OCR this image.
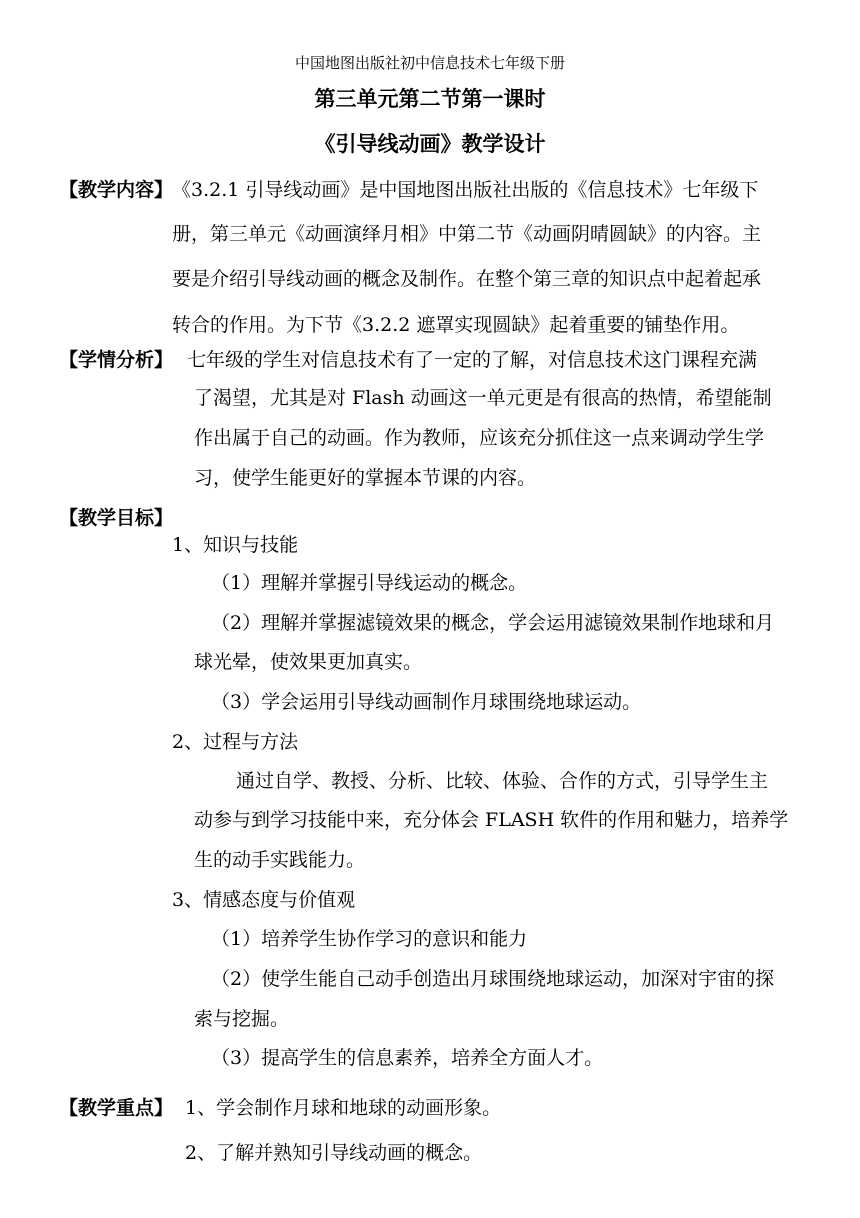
中国地图出版社初中信息技术七年级下册
第三单元第二节第一课时
《引导线动画》教学设计
【教学内容】
《3.2.1 引导线动画》是中国地图出版社出版的《信息技术》七年级下
册，第三单元《动画演绎月相》中第二节《动画阴晴圆缺》的内容。主
要是介绍引导线动画的概念及制作。在整个第三章的知识点中起着起承
转合的作用。为下节《3.2.2 遮罩实现圆缺》起着重要的铺垫作用。
【学情分析】 七年级的学生对信息技术有了一定的了解，对信息技术这门课程充满
了渴望，尤其是对 Flash 动画这一单元更是有很高的热情，希望能制
作出属于自己的动画。作为教师，应该充分抓住这一点来调动学生学
习，使学生能更好的掌握本节课的内容。
【教学目标】
1、知识与技能
（1）理解并掌握引导线运动的概念。
（2）理解并掌握滤镜效果的概念，学会运用滤镜效果制作地球和月
球光晕，使效果更加真实。
（3）学会运用引导线动画制作月球围绕地球运动。
2、过程与方法
通过自学、教授、分析、比较、体验、合作的方式，引导学生主
动参与到学习技能中来，充分体会 FLASH 软件的作用和魅力，培养学
生的动手实践能力。
3、情感态度与价值观
（1）培养学生协作学习的意识和能力
（2）使学生能自己动手创造出月球围绕地球运动，加深对宇宙的探
索与挖掘。
（3）提高学生的信息素养，培养全方面人才。
【教学重点】 1、学会制作月球和地球的动画形象。
2、了解并熟知引导线动画的概念。
